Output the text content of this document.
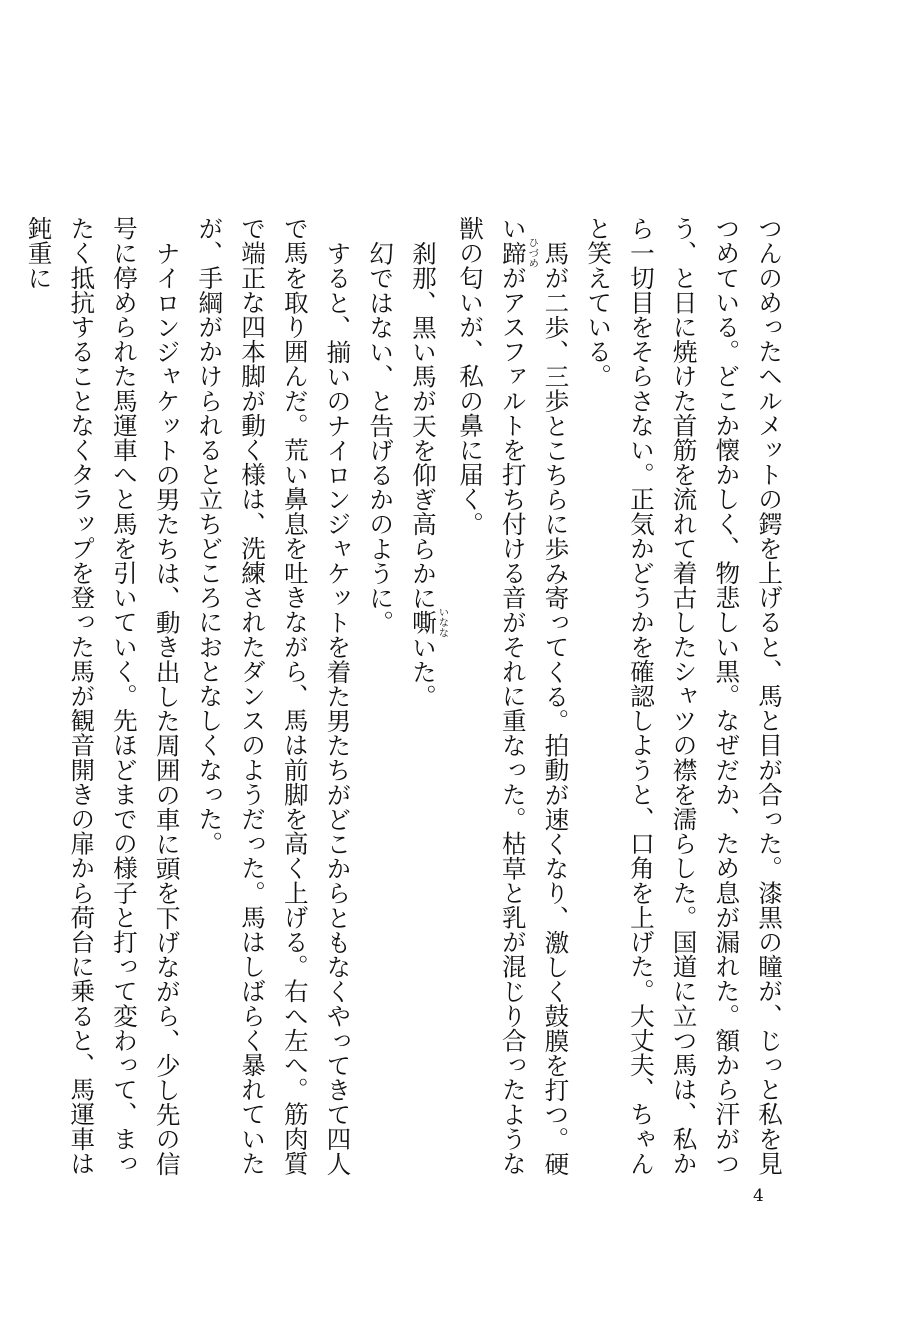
つんのめったヘルメットの鍔を上げると、馬と目が合った。漆黒の瞳が、じっと私を見つめている。どこか懐かしく、物悲しい黒。なぜだか、ため息が漏れた。額から汗がつう、と日に焼けた首筋を流れて着古したシャツの襟を濡らした。国道に立つ馬は、私から一切目をそらさない。正気かどうかを確認しようと、口角を上げた。大丈夫、ちゃんと笑えている。

馬が二歩、三歩とこちらに歩み寄ってくる。拍動が速くなり、激しく鼓膜を打つ。硬い蹄ひづめがアスファルトを打ち付ける音がそれに重なった。枯草と乳が混じり合ったような獣の匂いが、私の鼻に届く。

刹那、黒い馬が天を仰ぎ高らかに嘶いなないた。

幻ではない、と告げるかのように。

すると、揃いのナイロンジャケットを着た男たちがどこからともなくやってきて四人で馬を取り囲んだ。荒い鼻息を吐きながら、馬は前脚を高く上げる。右へ左へ。筋肉質で端正な四本脚が動く様は、洗練されたダンスのようだった。馬はしばらく暴れていたが、手綱がかけられると立ちどころにおとなしくなった。

ナイロンジャケットの男たちは、動き出した周囲の車に頭を下げながら、少し先の信号に停められた馬運車へと馬を引いていく。先ほどまでの様子と打って変わって、まったく抵抗することなくタラップを登った馬が観音開きの扉から荷台に乗ると、馬運車は鈍重に

4
